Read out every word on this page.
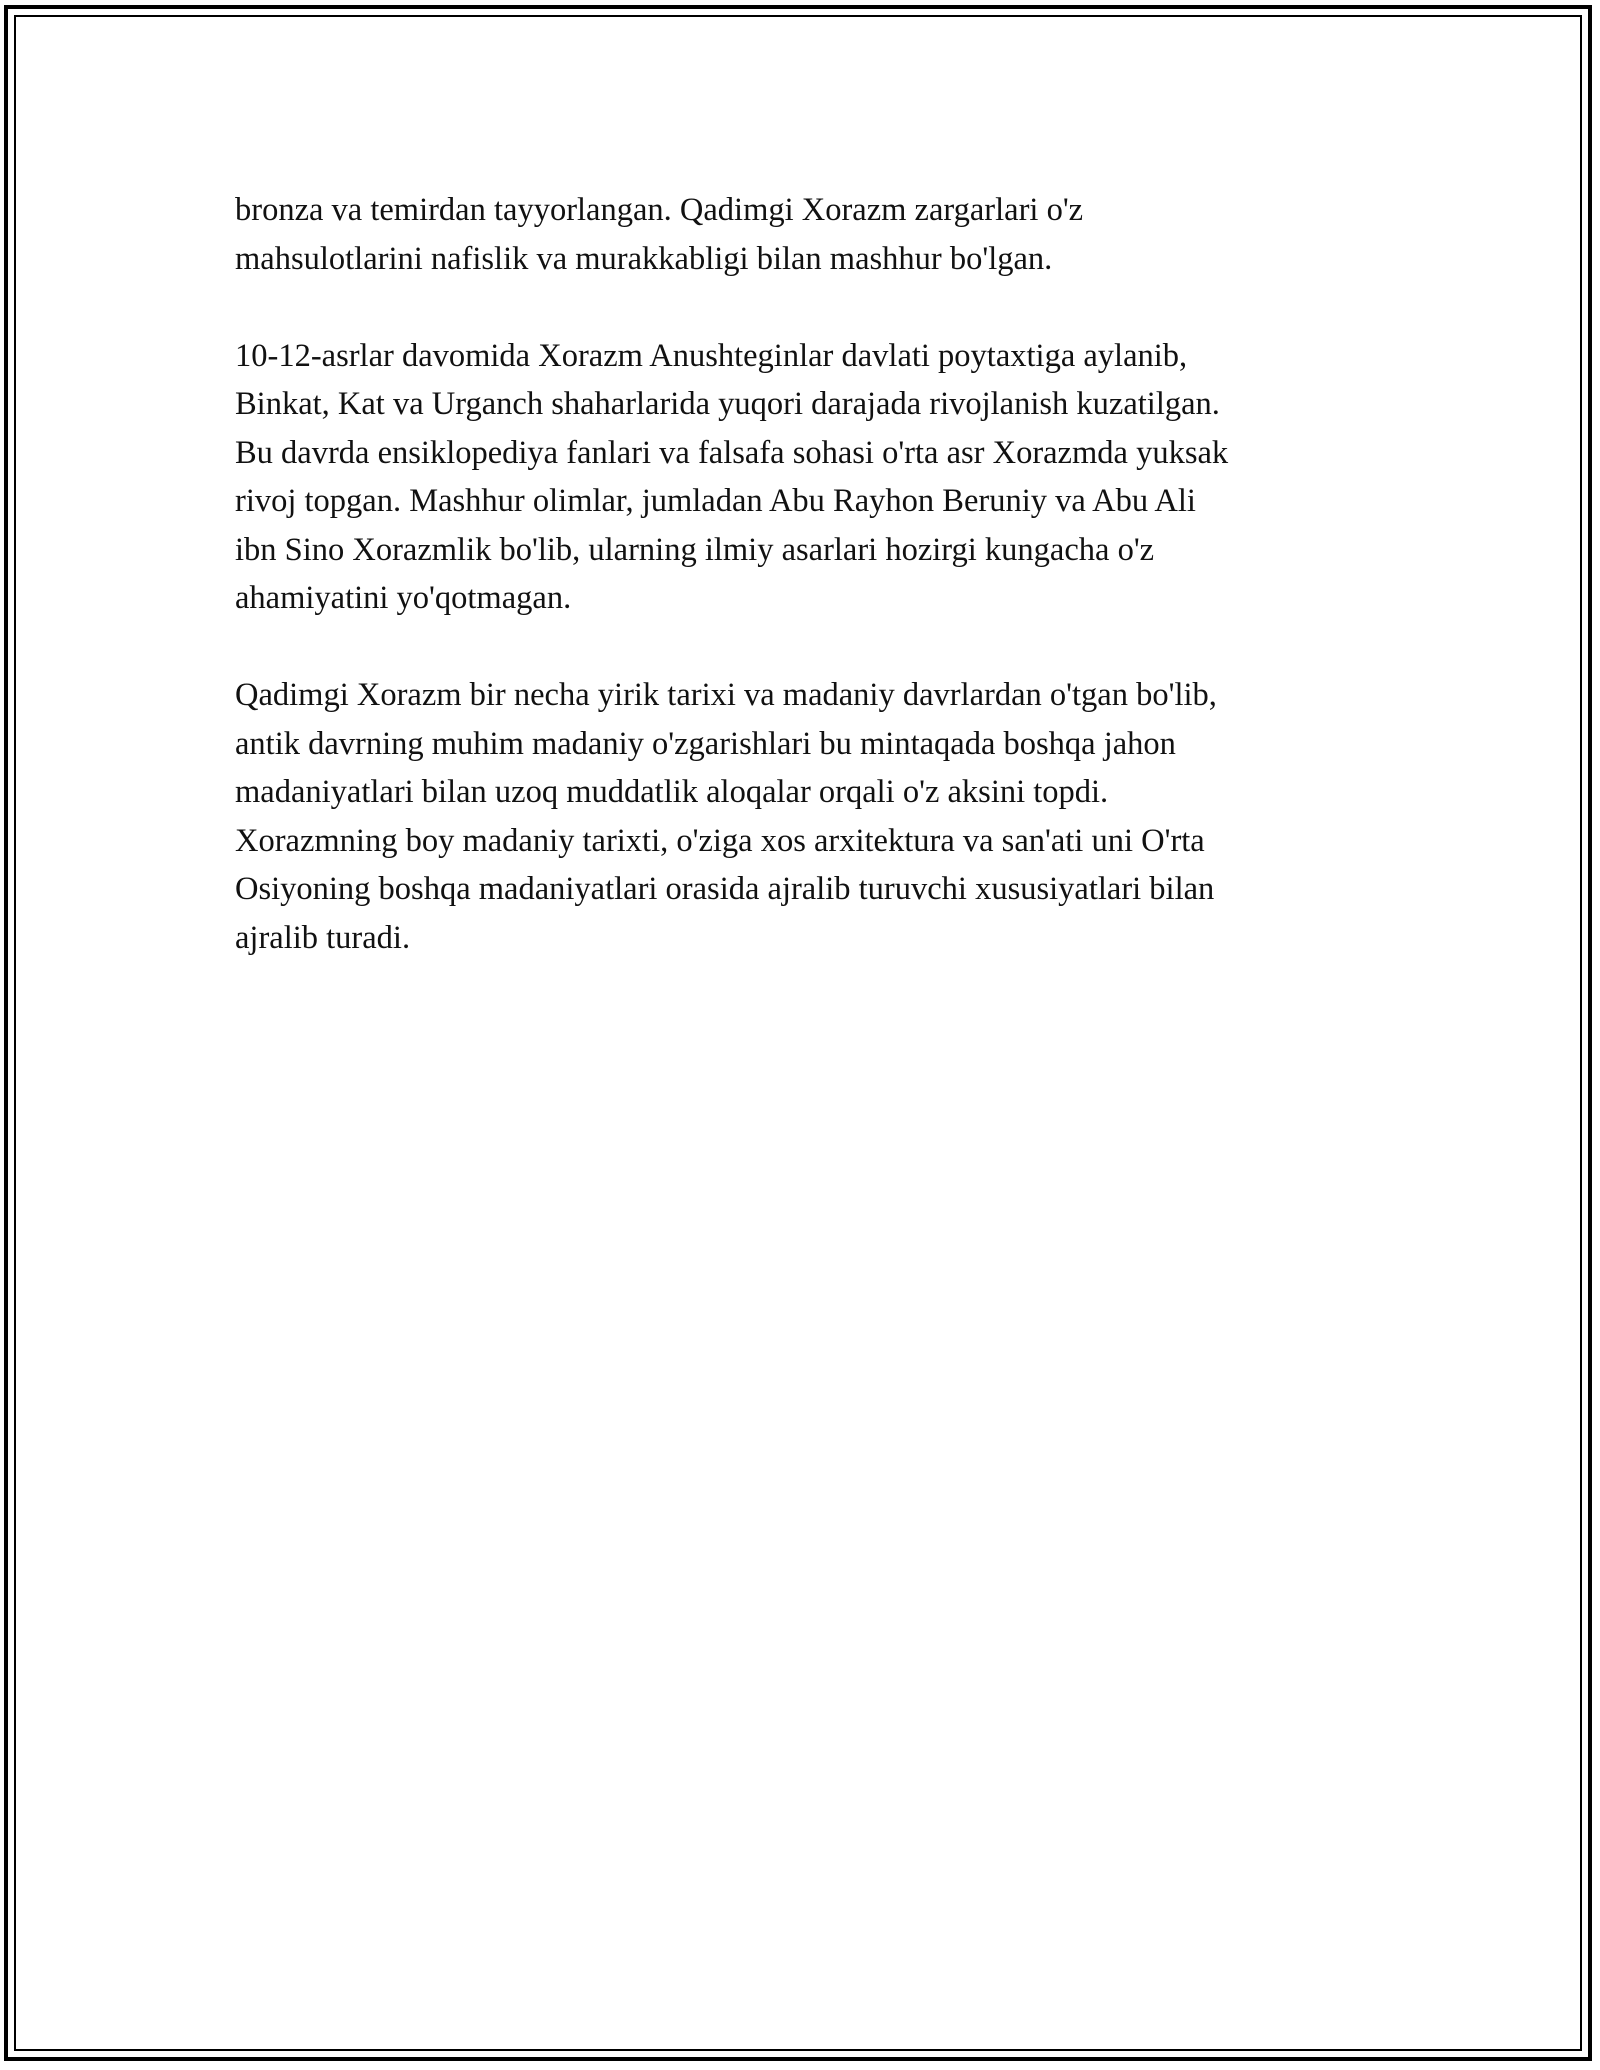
bronza va temirdan tayyorlangan. Qadimgi Xorazm zargarlari o'z
mahsulotlarini nafislik va murakkabligi bilan mashhur bo'lgan.

10-12-asrlar davomida Xorazm Anushteginlar davlati poytaxtiga aylanib,
Binkat, Kat va Urganch shaharlarida yuqori darajada rivojlanish kuzatilgan.
Bu davrda ensiklopediya fanlari va falsafa sohasi o'rta asr Xorazmda yuksak
rivoj topgan. Mashhur olimlar, jumladan Abu Rayhon Beruniy va Abu Ali
ibn Sino Xorazmlik bo'lib, ularning ilmiy asarlari hozirgi kungacha o'z
ahamiyatini yo'qotmagan.

Qadimgi Xorazm bir necha yirik tarixi va madaniy davrlardan o'tgan bo'lib,
antik davrning muhim madaniy o'zgarishlari bu mintaqada boshqa jahon
madaniyatlari bilan uzoq muddatlik aloqalar orqali o'z aksini topdi.
Xorazmning boy madaniy tarixti, o'ziga xos arxitektura va san'ati uni O'rta
Osiyoning boshqa madaniyatlari orasida ajralib turuvchi xususiyatlari bilan
ajralib turadi.
